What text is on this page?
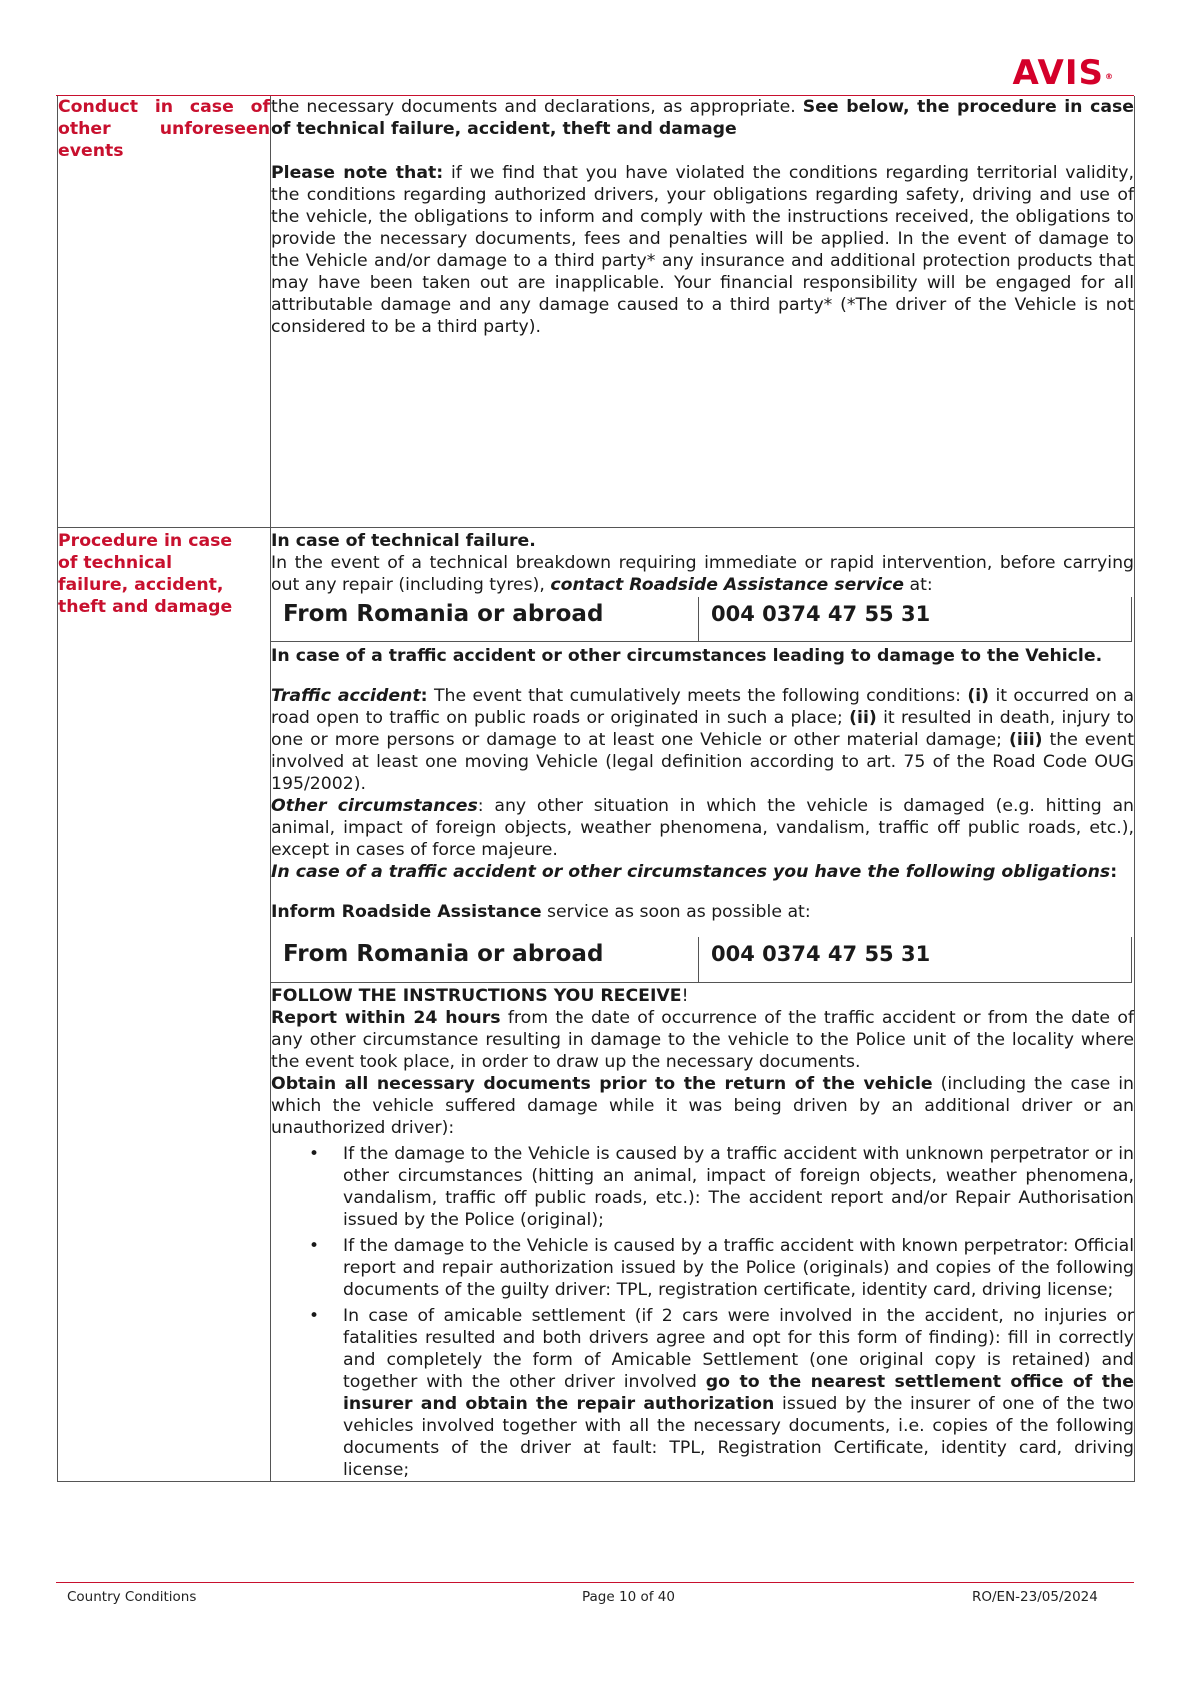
AVIS®
Conduct in case of
other unforeseen
events

the necessary documents and declarations, as appropriate. See below, the procedure in case of technical failure, accident, theft and damage

Please note that: if we find that you have violated the conditions regarding territorial validity, the conditions regarding authorized drivers, your obligations regarding safety, driving and use of the vehicle, the obligations to inform and comply with the instructions received, the obligations to provide the necessary documents, fees and penalties will be applied. In the event of damage to the Vehicle and/or damage to a third party* any insurance and additional protection products that may have been taken out are inapplicable. Your financial responsibility will be engaged for all attributable damage and any damage caused to a third party* (*The driver of the Vehicle is not considered to be a third party).

Procedure in case
of technical
failure, accident,
theft and damage

In case of technical failure.

In the event of a technical breakdown requiring immediate or rapid intervention, before carrying out any repair (including tyres), contact Roadside Assistance service at:

From Romania or abroad	004 0374 47 55 31
In case of a traffic accident or other circumstances leading to damage to the Vehicle.

Traffic accident: The event that cumulatively meets the following conditions: (i) it occurred on a road open to traffic on public roads or originated in such a place; (ii) it resulted in death, injury to one or more persons or damage to at least one Vehicle or other material damage; (iii) the event involved at least one moving Vehicle (legal definition according to art. 75 of the Road Code OUG 195/2002).

Other circumstances: any other situation in which the vehicle is damaged (e.g. hitting an animal, impact of foreign objects, weather phenomena, vandalism, traffic off public roads, etc.), except in cases of force majeure.

In case of a traffic accident or other circumstances you have the following obligations:

Inform Roadside Assistance service as soon as possible at:

From Romania or abroad	004 0374 47 55 31
FOLLOW THE INSTRUCTIONS YOU RECEIVE!

Report within 24 hours from the date of occurrence of the traffic accident or from the date of any other circumstance resulting in damage to the vehicle to the Police unit of the locality where the event took place, in order to draw up the necessary documents.

Obtain all necessary documents prior to the return of the vehicle (including the case in which the vehicle suffered damage while it was being driven by an additional driver or an unauthorized driver):

• If the damage to the Vehicle is caused by a traffic accident with unknown perpetrator or in other circumstances (hitting an animal, impact of foreign objects, weather phenomena, vandalism, traffic off public roads, etc.): The accident report and/or Repair Authorisation issued by the Police (original);
• If the damage to the Vehicle is caused by a traffic accident with known perpetrator: Official report and repair authorization issued by the Police (originals) and copies of the following documents of the guilty driver: TPL, registration certificate, identity card, driving license;
• In case of amicable settlement (if 2 cars were involved in the accident, no injuries or fatalities resulted and both drivers agree and opt for this form of finding): fill in correctly and completely the form of Amicable Settlement (one original copy is retained) and together with the other driver involved go to the nearest settlement office of the insurer and obtain the repair authorization issued by the insurer of one of the two vehicles involved together with all the necessary documents, i.e. copies of the following documents of the driver at fault: TPL, Registration Certificate, identity card, driving license;
Country Conditions	Page 10 of 40	RO/EN-23/05/2024
